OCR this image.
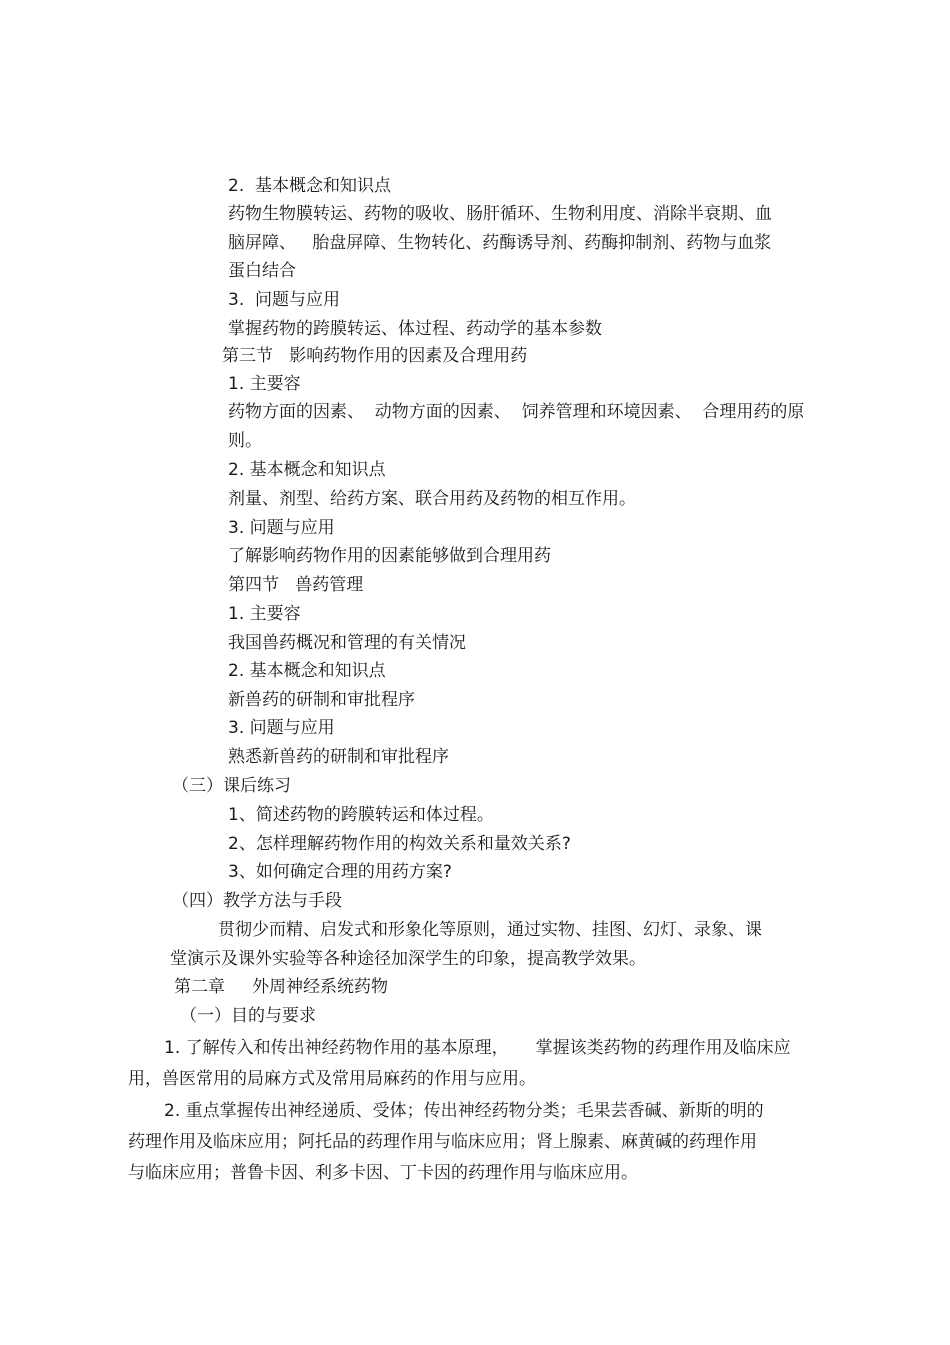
2.  基本概念和知识点
药物生物膜转运、药物的吸收、肠肝循环、生物利用度、消除半衰期、血
脑屏障、   胎盘屏障、生物转化、药酶诱导剂、药酶抑制剂、药物与血浆
蛋白结合
3.  问题与应用
掌握药物的跨膜转运、体过程、药动学的基本参数
第三节   影响药物作用的因素及合理用药
1. 主要容
药物方面的因素、  动物方面的因素、  饲养管理和环境因素、  合理用药的原
则。
2. 基本概念和知识点
剂量、剂型、给药方案、联合用药及药物的相互作用。
3. 问题与应用
了解影响药物作用的因素能够做到合理用药
第四节   兽药管理
1. 主要容
我国兽药概况和管理的有关情况
2. 基本概念和知识点
新兽药的研制和审批程序
3. 问题与应用
熟悉新兽药的研制和审批程序
（三）课后练习
1、简述药物的跨膜转运和体过程。
2、怎样理解药物作用的构效关系和量效关系?
3、如何确定合理的用药方案?
（四）教学方法与手段
贯彻少而精、启发式和形象化等原则，通过实物、挂图、幻灯、录象、课
堂演示及课外实验等各种途径加深学生的印象，提高教学效果。
第二章     外周神经系统药物
（一）目的与要求
1. 了解传入和传出神经药物作用的基本原理，     掌握该类药物的药理作用及临床应
用，兽医常用的局麻方式及常用局麻药的作用与应用。
2. 重点掌握传出神经递质、受体；传出神经药物分类；毛果芸香碱、新斯的明的
药理作用及临床应用；阿托品的药理作用与临床应用；肾上腺素、麻黄碱的药理作用
与临床应用；普鲁卡因、利多卡因、丁卡因的药理作用与临床应用。
